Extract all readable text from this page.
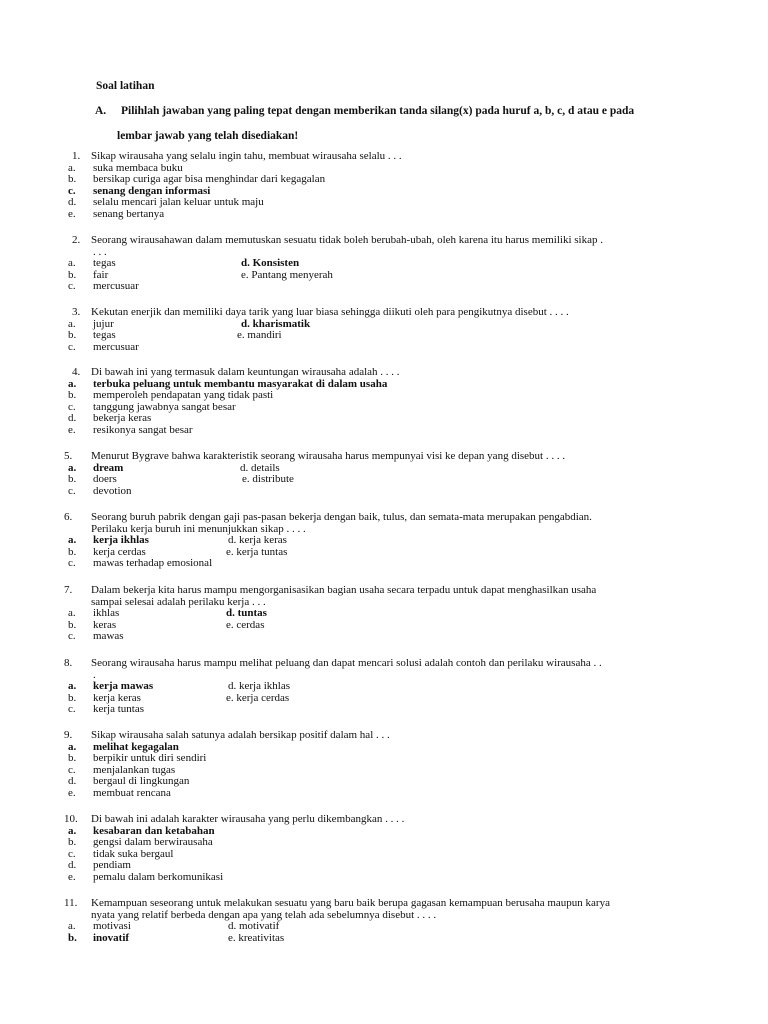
Soal latihan
A. Pilihlah jawaban yang paling tepat dengan memberikan tanda silang(x) pada huruf a, b, c, d atau e pada
lembar jawab yang telah disediakan!
1. Sikap wirausaha yang selalu ingin tahu, membuat wirausaha selalu . . .
a. suka membaca buku
b. bersikap curiga agar bisa menghindar dari kegagalan
c. senang dengan informasi
d. selalu mencari jalan keluar untuk maju
e. senang bertanya
2. Seorang wirausahawan dalam memutuskan sesuatu tidak boleh berubah-ubah, oleh karena itu harus memiliki sikap .
. . .
a. tegas	d. Konsisten
b. fair	e. Pantang menyerah
c. mercusuar
3. Kekutan enerjik dan memiliki daya tarik yang luar biasa sehingga diikuti oleh para pengikutnya disebut . . . .
a. jujur	d. kharismatik
b. tegas	e. mandiri
c. mercusuar
4. Di bawah ini yang termasuk dalam keuntungan wirausaha adalah . . . .
a. terbuka peluang untuk membantu masyarakat di dalam usaha
b. memperoleh pendapatan yang tidak pasti
c. tanggung jawabnya sangat besar
d. bekerja keras
e. resikonya sangat besar
5. Menurut Bygrave bahwa karakteristik seorang wirausaha harus mempunyai visi ke depan yang disebut . . . .
a. dream	d. details
b. doers	e. distribute
c. devotion
6. Seorang buruh pabrik dengan gaji pas-pasan bekerja dengan baik, tulus, dan semata-mata merupakan pengabdian.
Perilaku kerja buruh ini menunjukkan sikap . . . .
a. kerja ikhlas	d. kerja keras
b. kerja cerdas	e. kerja tuntas
c. mawas terhadap emosional
7. Dalam bekerja kita harus mampu mengorganisasikan bagian usaha secara terpadu untuk dapat menghasilkan usaha
sampai selesai adalah perilaku kerja . . .
a. ikhlas	d. tuntas
b. keras	e. cerdas
c. mawas
8. Seorang wirausaha harus mampu melihat peluang dan dapat mencari solusi adalah contoh dan perilaku wirausaha . .
.
a. kerja mawas	d. kerja ikhlas
b. kerja keras	e. kerja cerdas
c. kerja tuntas
9. Sikap wirausaha salah satunya adalah bersikap positif dalam hal . . .
a. melihat kegagalan
b. berpikir untuk diri sendiri
c. menjalankan tugas
d. bergaul di lingkungan
e. membuat rencana
10. Di bawah ini adalah karakter wirausaha yang perlu dikembangkan . . . .
a. kesabaran dan ketabahan
b. gengsi dalam berwirausaha
c. tidak suka bergaul
d. pendiam
e. pemalu dalam berkomunikasi
11. Kemampuan seseorang untuk melakukan sesuatu yang baru baik berupa gagasan kemampuan berusaha maupun karya
nyata yang relatif berbeda dengan apa yang telah ada sebelumnya disebut . . . .
a. motivasi	d. motivatif
b. inovatif	e. kreativitas
